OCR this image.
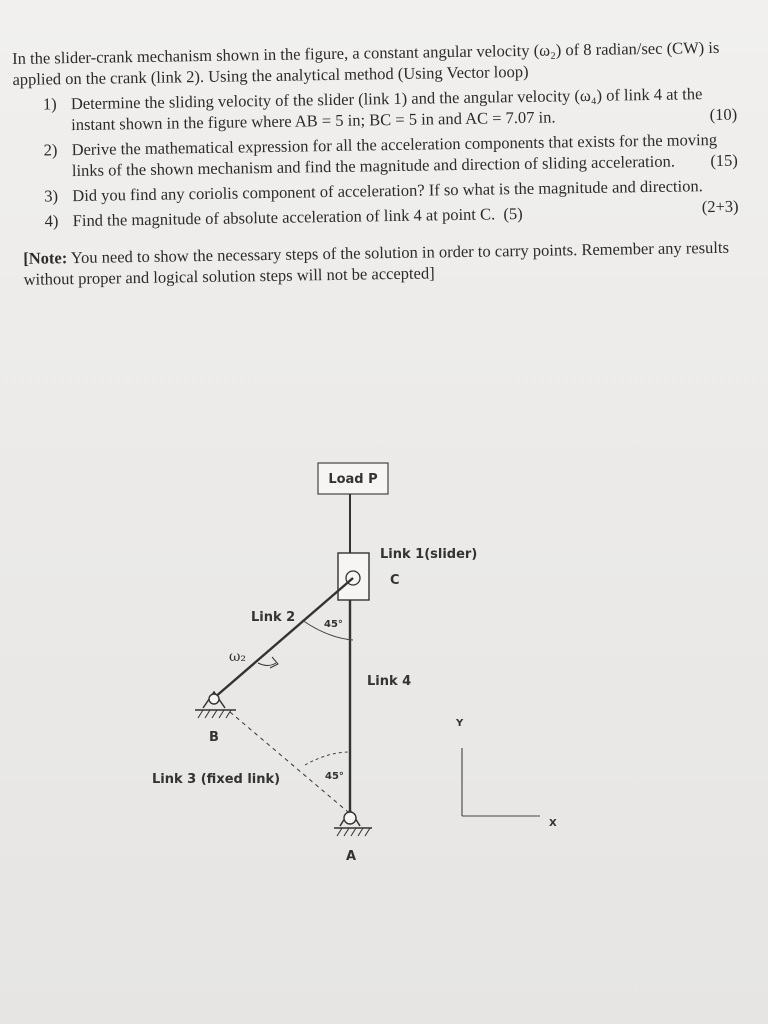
In the slider-crank mechanism shown in the figure, a constant angular velocity (ω₂) of 8 radian/sec (CW) is applied on the crank (link 2). Using the analytical method (Using Vector loop)

1) Determine the sliding velocity of the slider (link 1) and the angular velocity (ω₄) of link 4 at the instant shown in the figure where AB = 5 in; BC = 5 in and AC = 7.07 in.	(10)
2) Derive the mathematical expression for all the acceleration components that exists for the moving links of the shown mechanism and find the magnitude and direction of sliding acceleration. (15)
3) Did you find any coriolis component of acceleration? If so what is the magnitude and direction.
(2+3)
4) Find the magnitude of absolute acceleration of link 4 at point C. (5)

[Note: You need to show the necessary steps of the solution in order to carry points. Remember any results without proper and logical solution steps will not be accepted]

Load P
Link 1(slider)
C
Link 4
Link 2	45°
ω₂
B
Link 3 (fixed link)	45°
A
Y
X
